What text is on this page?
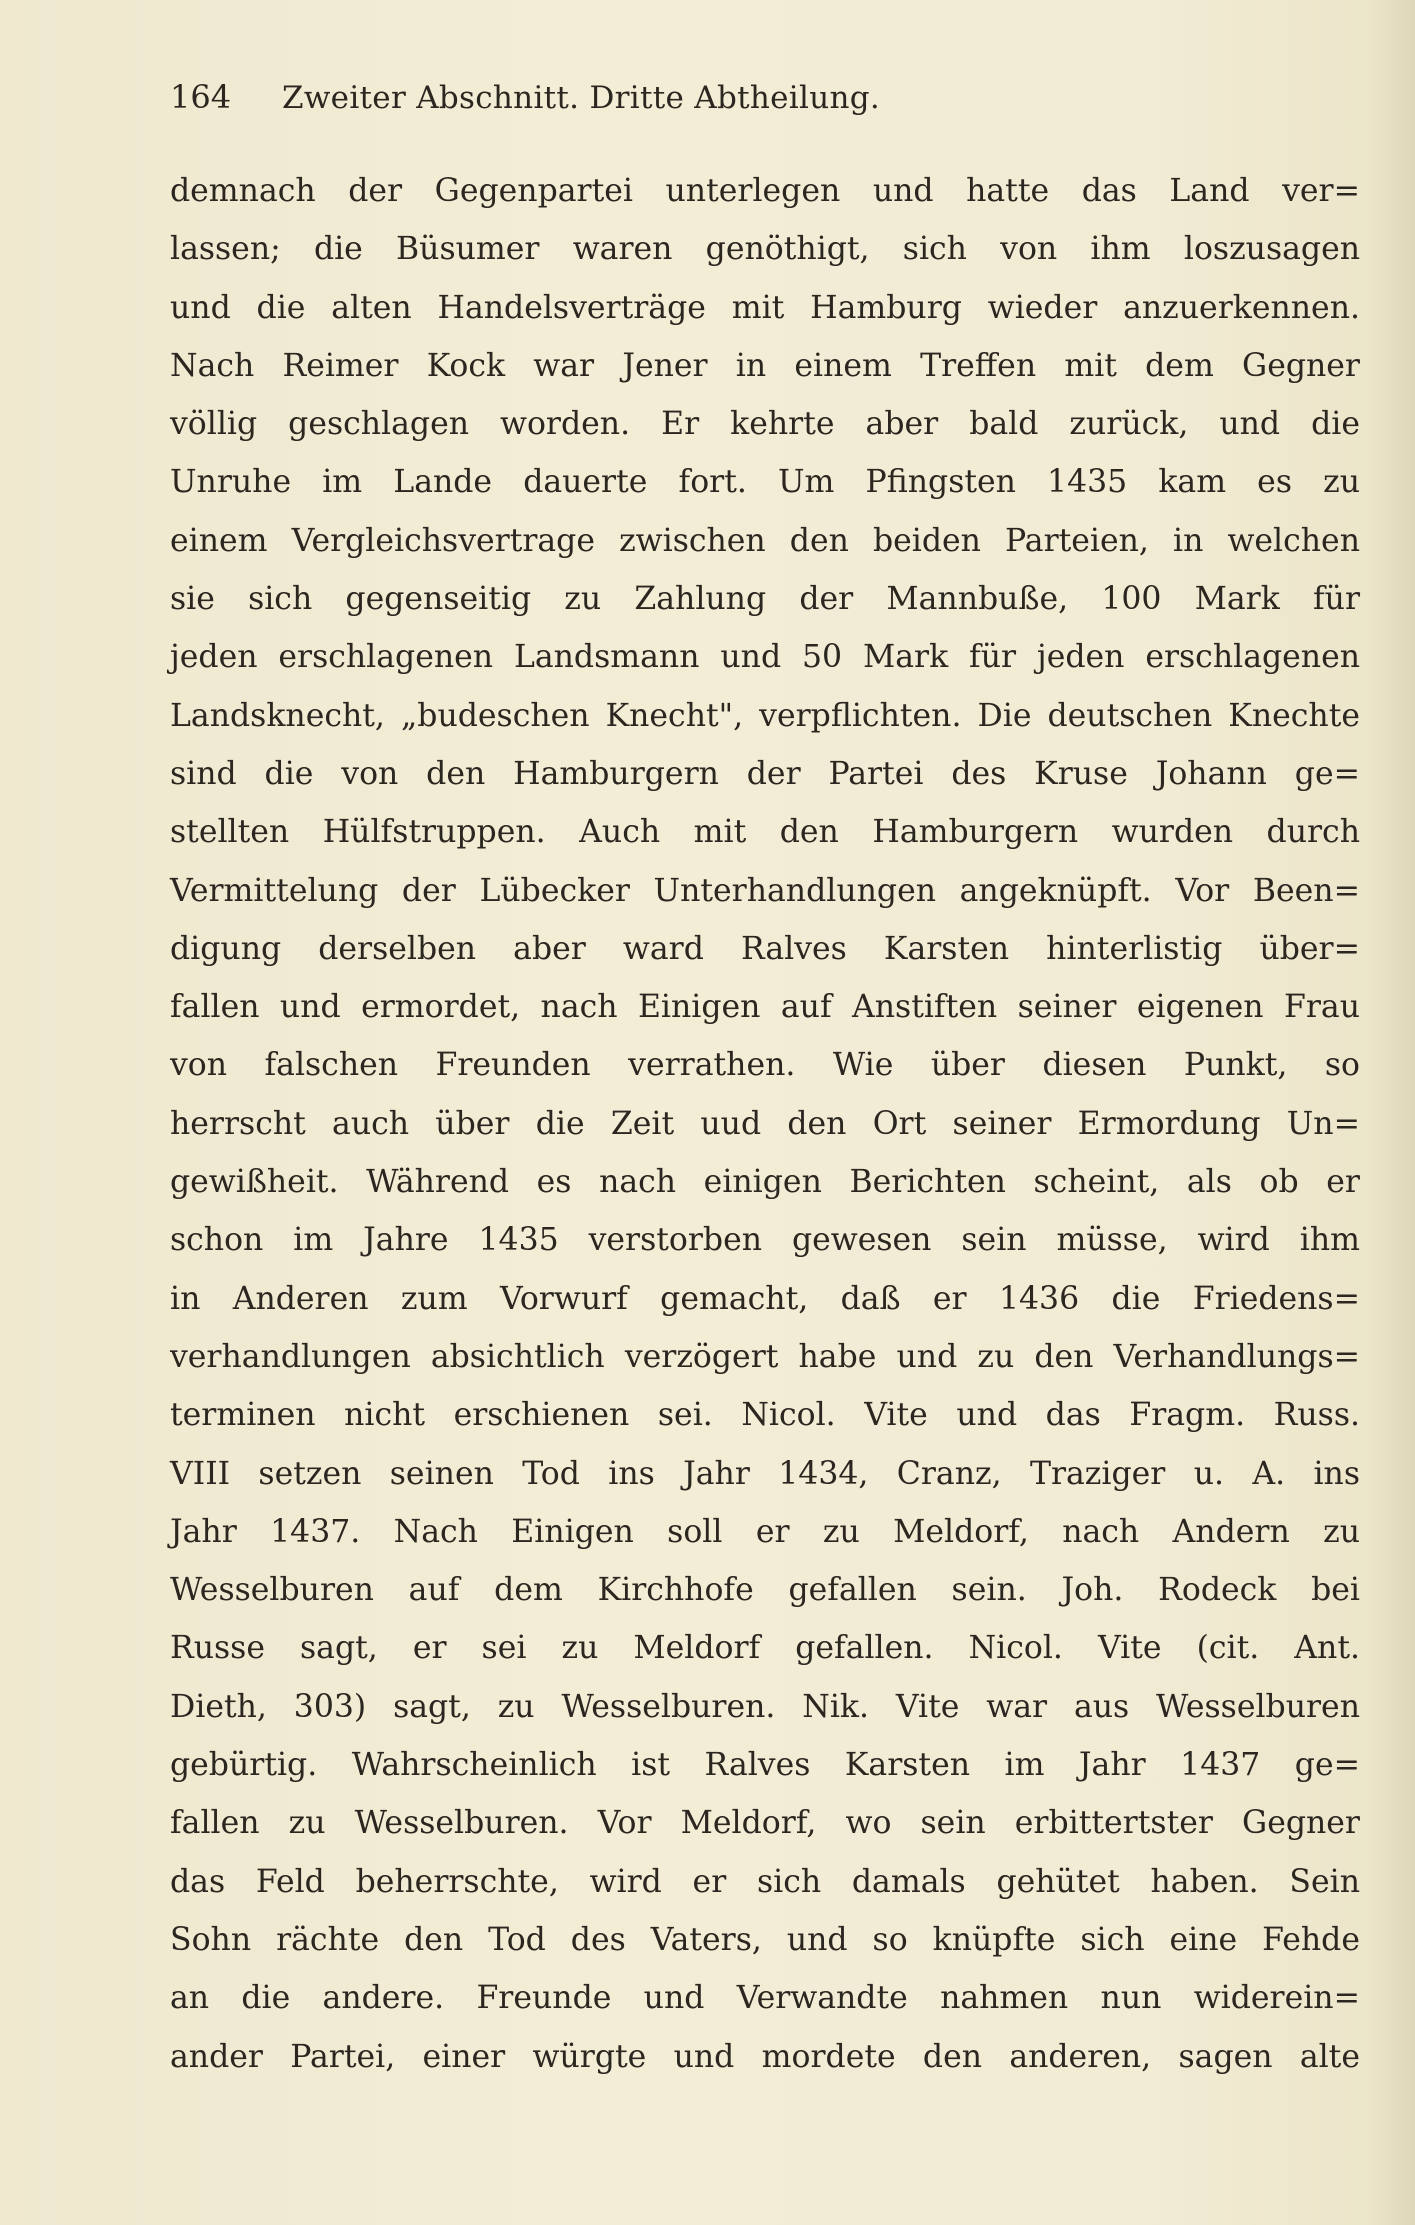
164 Zweiter Abschnitt. Dritte Abtheilung.
demnach der Gegenpartei unterlegen und hatte das Land ver=
lassen; die Büsumer waren genöthigt, sich von ihm loszusagen
und die alten Handelsverträge mit Hamburg wieder anzuerkennen.
Nach Reimer Kock war Jener in einem Treffen mit dem Gegner
völlig geschlagen worden. Er kehrte aber bald zurück, und die
Unruhe im Lande dauerte fort. Um Pfingsten 1435 kam es zu
einem Vergleichsvertrage zwischen den beiden Parteien, in welchen
sie sich gegenseitig zu Zahlung der Mannbuße, 100 Mark für
jeden erschlagenen Landsmann und 50 Mark für jeden erschlagenen
Landsknecht, „budeschen Knecht", verpflichten. Die deutschen Knechte
sind die von den Hamburgern der Partei des Kruse Johann ge=
stellten Hülfstruppen. Auch mit den Hamburgern wurden durch
Vermittelung der Lübecker Unterhandlungen angeknüpft. Vor Been=
digung derselben aber ward Ralves Karsten hinterlistig über=
fallen und ermordet, nach Einigen auf Anstiften seiner eigenen Frau
von falschen Freunden verrathen. Wie über diesen Punkt, so
herrscht auch über die Zeit uud den Ort seiner Ermordung Un=
gewißheit. Während es nach einigen Berichten scheint, als ob er
schon im Jahre 1435 verstorben gewesen sein müsse, wird ihm
in Anderen zum Vorwurf gemacht, daß er 1436 die Friedens=
verhandlungen absichtlich verzögert habe und zu den Verhandlungs=
terminen nicht erschienen sei. Nicol. Vite und das Fragm. Russ.
VIII setzen seinen Tod ins Jahr 1434, Cranz, Traziger u. A. ins
Jahr 1437. Nach Einigen soll er zu Meldorf, nach Andern zu
Wesselburen auf dem Kirchhofe gefallen sein. Joh. Rodeck bei
Russe sagt, er sei zu Meldorf gefallen. Nicol. Vite (cit. Ant.
Dieth, 303) sagt, zu Wesselburen. Nik. Vite war aus Wesselburen
gebürtig. Wahrscheinlich ist Ralves Karsten im Jahr 1437 ge=
fallen zu Wesselburen. Vor Meldorf, wo sein erbittertster Gegner
das Feld beherrschte, wird er sich damals gehütet haben. Sein
Sohn rächte den Tod des Vaters, und so knüpfte sich eine Fehde
an die andere. Freunde und Verwandte nahmen nun widerein=
ander Partei, einer würgte und mordete den anderen, sagen alte
